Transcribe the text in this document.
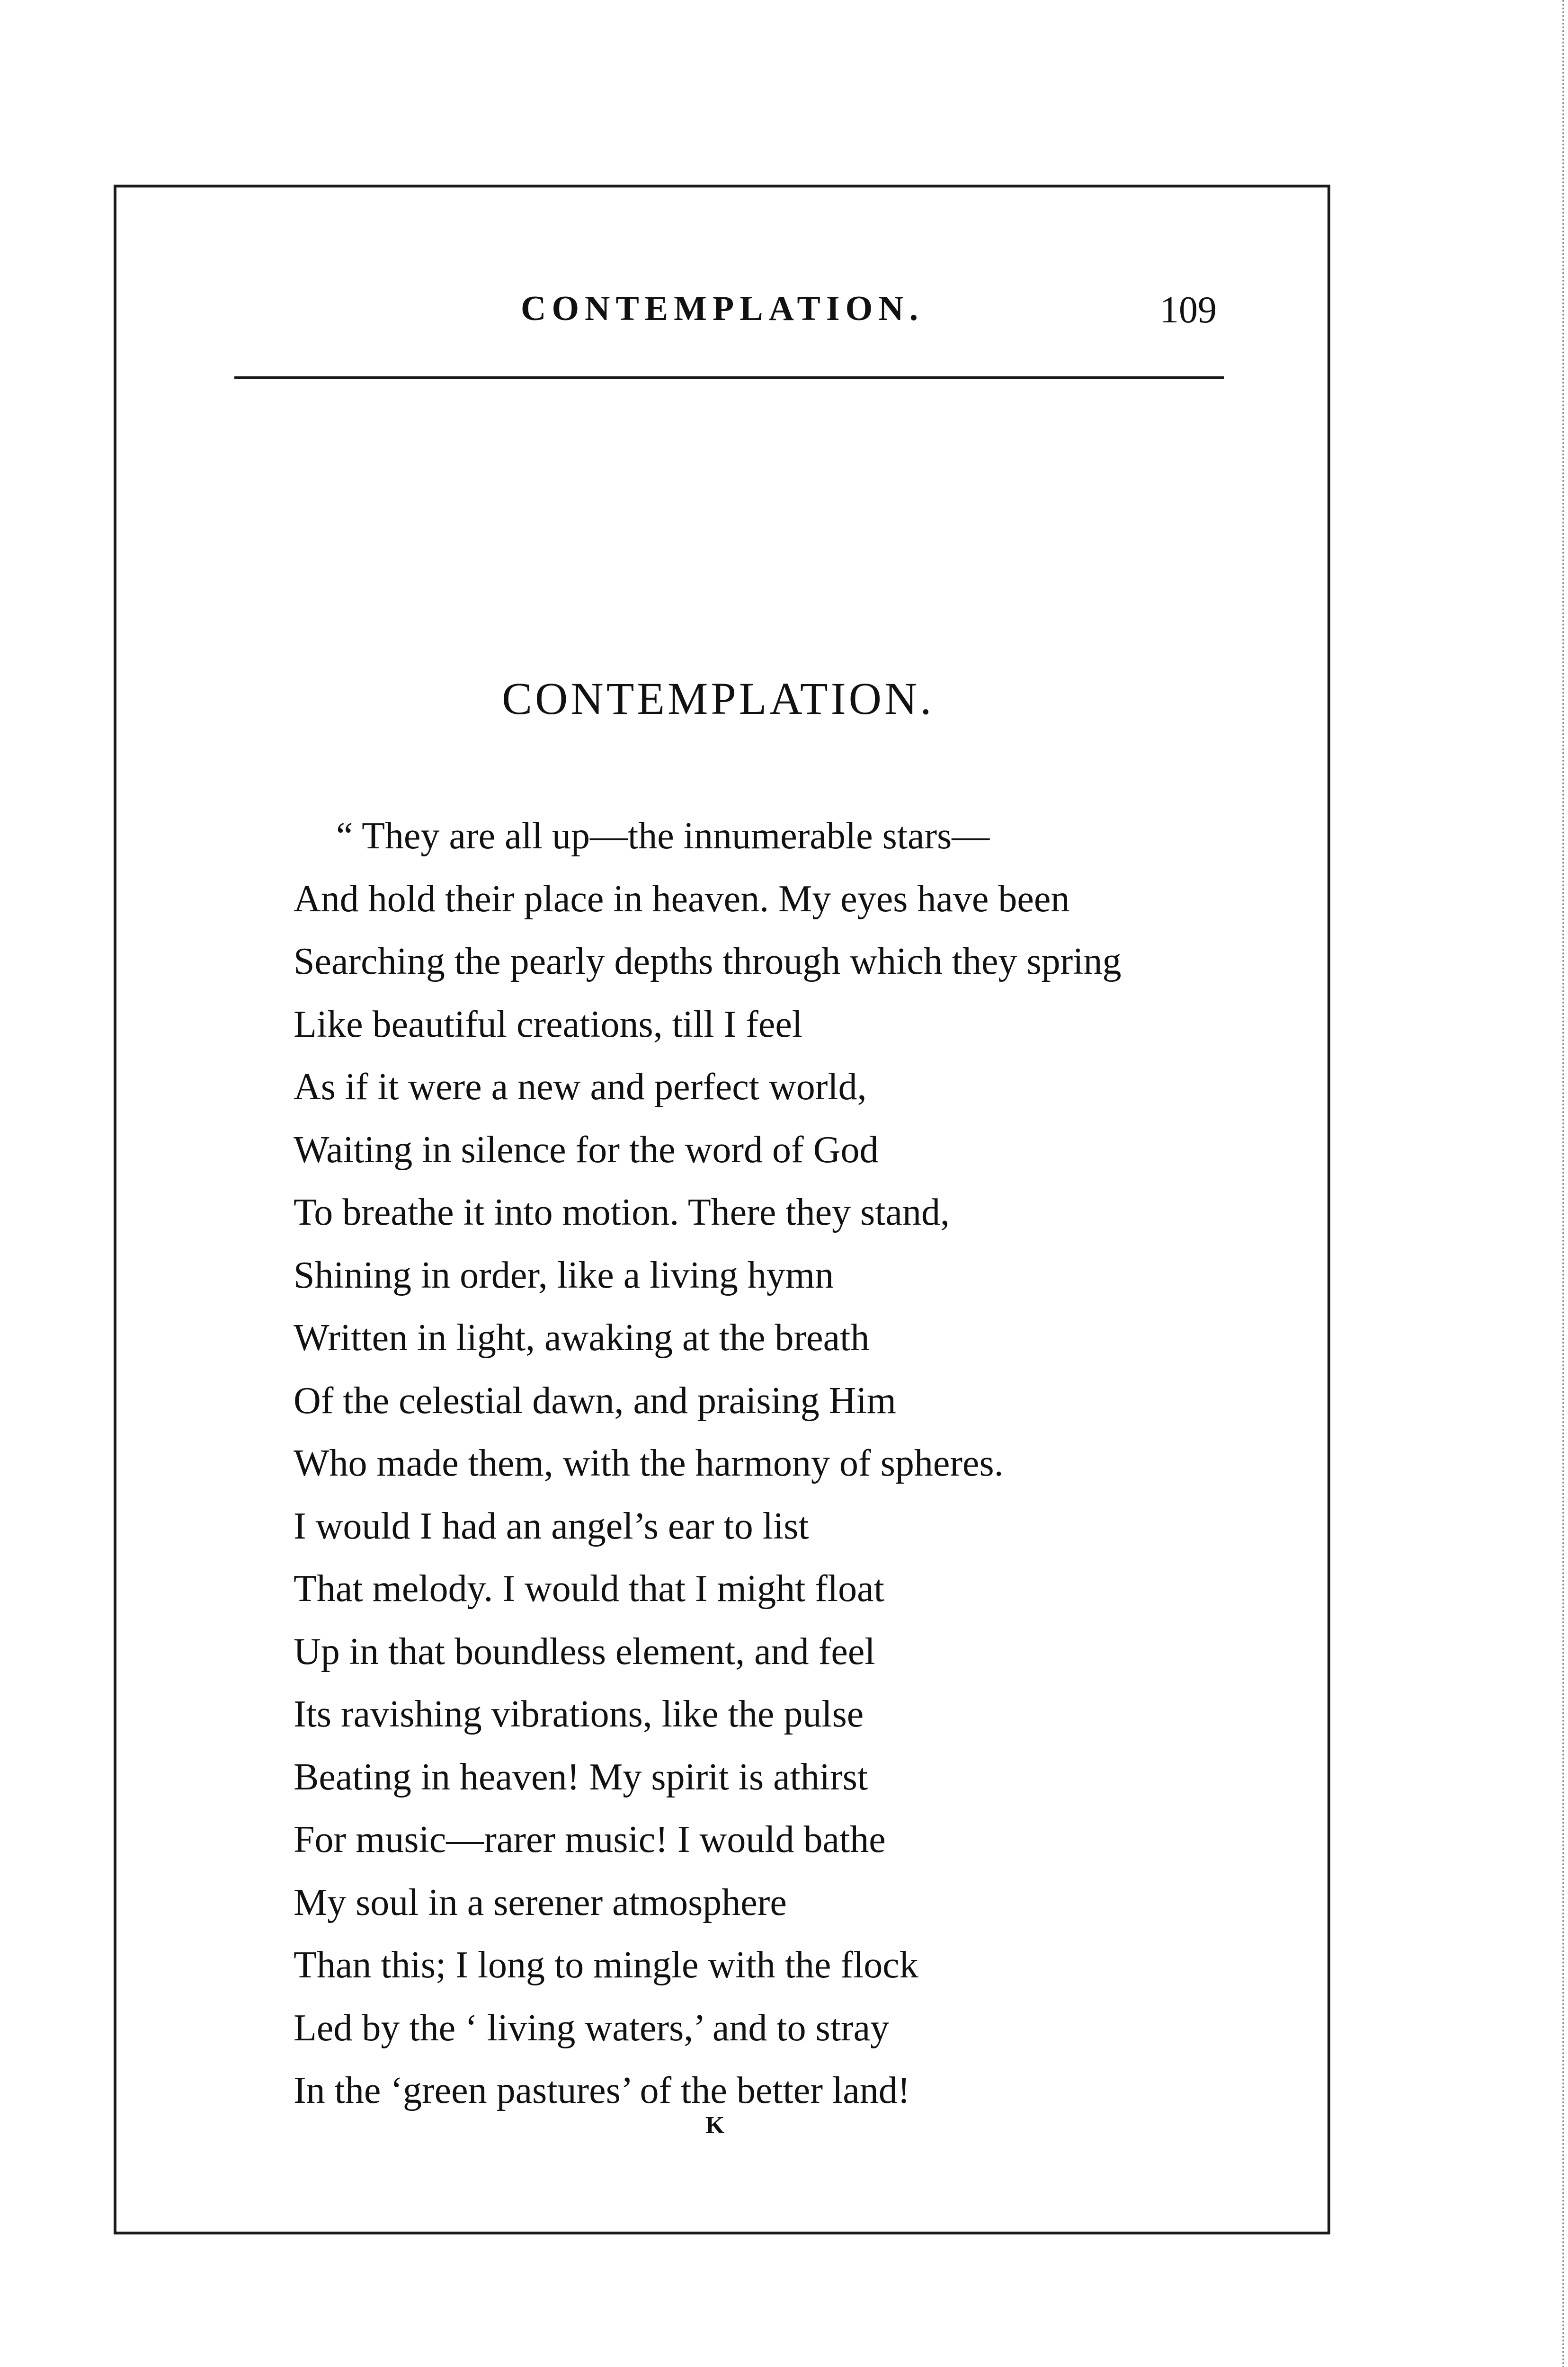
CONTEMPLATION.	109
CONTEMPLATION.
“ They are all up—the innumerable stars—
And hold their place in heaven. My eyes have been
Searching the pearly depths through which they spring
Like beautiful creations, till I feel
As if it were a new and perfect world,
Waiting in silence for the word of God
To breathe it into motion. There they stand,
Shining in order, like a living hymn
Written in light, awaking at the breath
Of the celestial dawn, and praising Him
Who made them, with the harmony of spheres.
I would I had an angel’s ear to list
That melody. I would that I might float
Up in that boundless element, and feel
Its ravishing vibrations, like the pulse
Beating in heaven! My spirit is athirst
For music—rarer music! I would bathe
My soul in a serener atmosphere
Than this; I long to mingle with the flock
Led by the ‘ living waters,’ and to stray
In the ‘green pastures’ of the better land!
K
